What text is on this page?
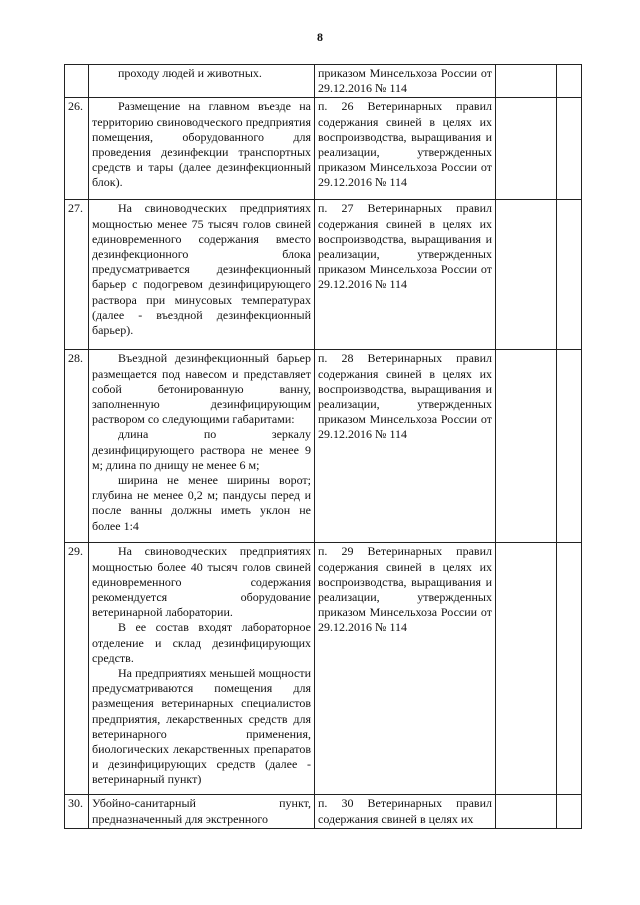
8

	проходу людей и животных.	приказом Минсельхоза России от 29.12.2016 № 114		
26.	Размещение на главном въезде на территорию свиноводческого предприятия помещения, оборудованного для проведения дезинфекции транспортных средств и тары (далее дезинфекционный блок).	п. 26 Ветеринарных правил содержания свиней в целях их воспроизводства, выращивания и реализации, утвержденных приказом Минсельхоза России от 29.12.2016 № 114		
27.	На свиноводческих предприятиях мощностью менее 75 тысяч голов свиней единовременного содержания вместо дезинфекционного блока предусматривается дезинфекционный барьер с подогревом дезинфицирующего раствора при минусовых температурах (далее - въездной дезинфекционный барьер).	п. 27 Ветеринарных правил содержания свиней в целях их воспроизводства, выращивания и реализации, утвержденных приказом Минсельхоза России от 29.12.2016 № 114		
28.	Въездной дезинфекционный барьер размещается под навесом и представляет собой бетонированную ванну, заполненную дезинфицирующим раствором со следующими габаритами:

длина по зеркалу дезинфицирующего раствора не менее 9 м; длина по днищу не менее 6 м;

ширина не менее ширины ворот; глубина не менее 0,2 м; пандусы перед и после ванны должны иметь уклон не более 1:4	п. 28 Ветеринарных правил содержания свиней в целях их воспроизводства, выращивания и реализации, утвержденных приказом Минсельхоза России от 29.12.2016 № 114		
29.	На свиноводческих предприятиях мощностью более 40 тысяч голов свиней единовременного содержания рекомендуется оборудование ветеринарной лаборатории.

В ее состав входят лабораторное отделение и склад дезинфицирующих средств.

На предприятиях меньшей мощности предусматриваются помещения для размещения ветеринарных специалистов предприятия, лекарственных средств для ветеринарного применения, биологических лекарственных препаратов и дезинфицирующих средств (далее - ветеринарный пункт)	п. 29 Ветеринарных правил содержания свиней в целях их воспроизводства, выращивания и реализации, утвержденных приказом Минсельхоза России от 29.12.2016 № 114		
30.	Убойно-санитарный пункт, предназначенный для экстренного	п. 30 Ветеринарных правил содержания свиней в целях их		
